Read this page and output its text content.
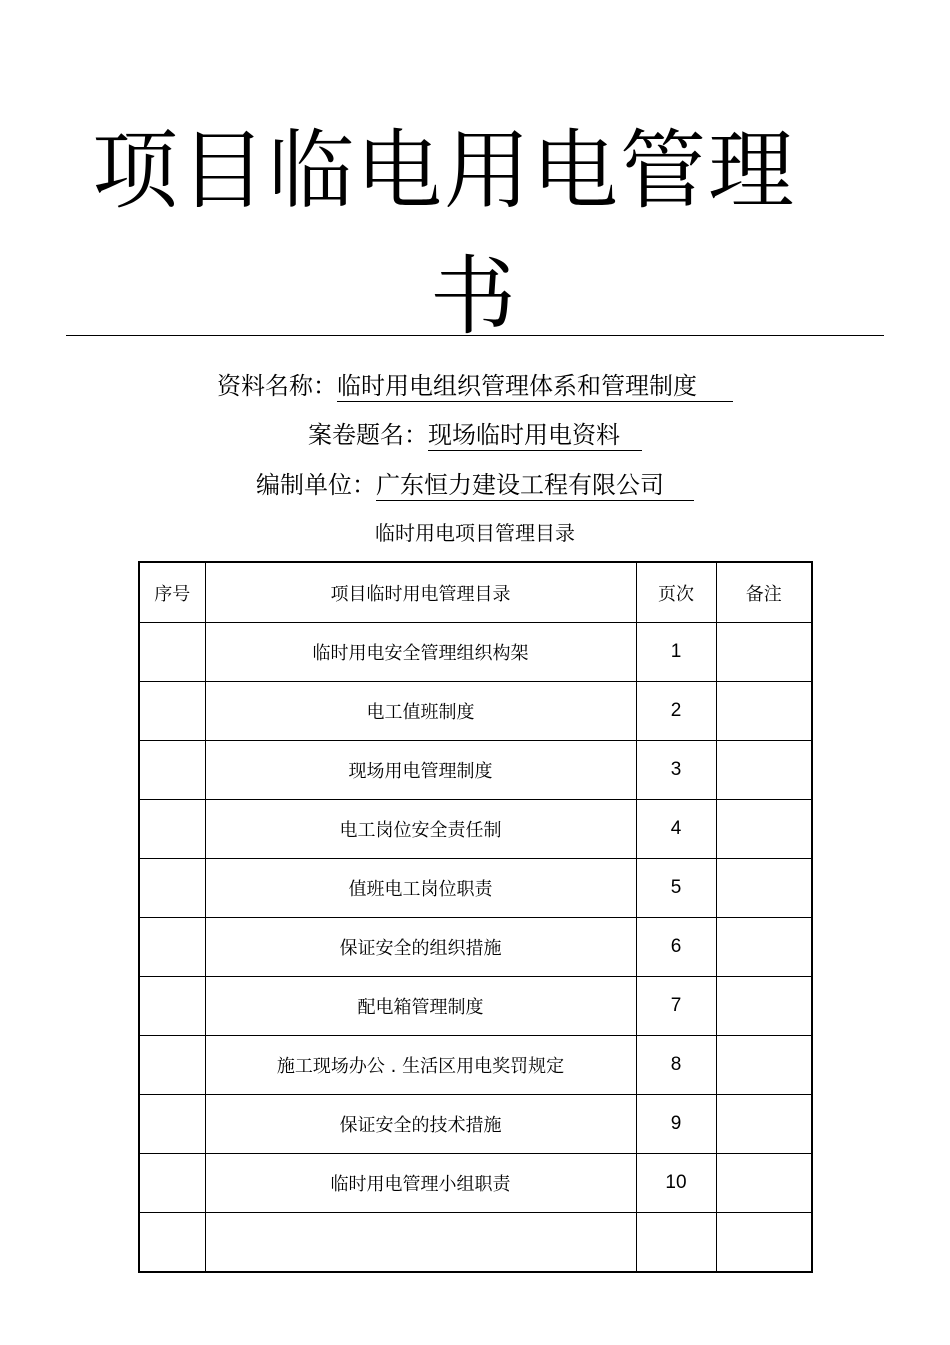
项目临电用电管理
书
资料名称：临时用电组织管理体系和管理制度
案卷题名：现场临时用电资料
编制单位：广东恒力建设工程有限公司
临时用电项目管理目录
序号	项目临时用电管理目录	页次	备注
	临时用电安全管理组织构架	1	
	电工值班制度	2	
	现场用电管理制度	3	
	电工岗位安全责任制	4	
	值班电工岗位职责	5	
	保证安全的组织措施	6	
	配电箱管理制度	7	
	施工现场办公 . 生活区用电奖罚规定	8	
	保证安全的技术措施	9	
	临时用电管理小组职责	10	
